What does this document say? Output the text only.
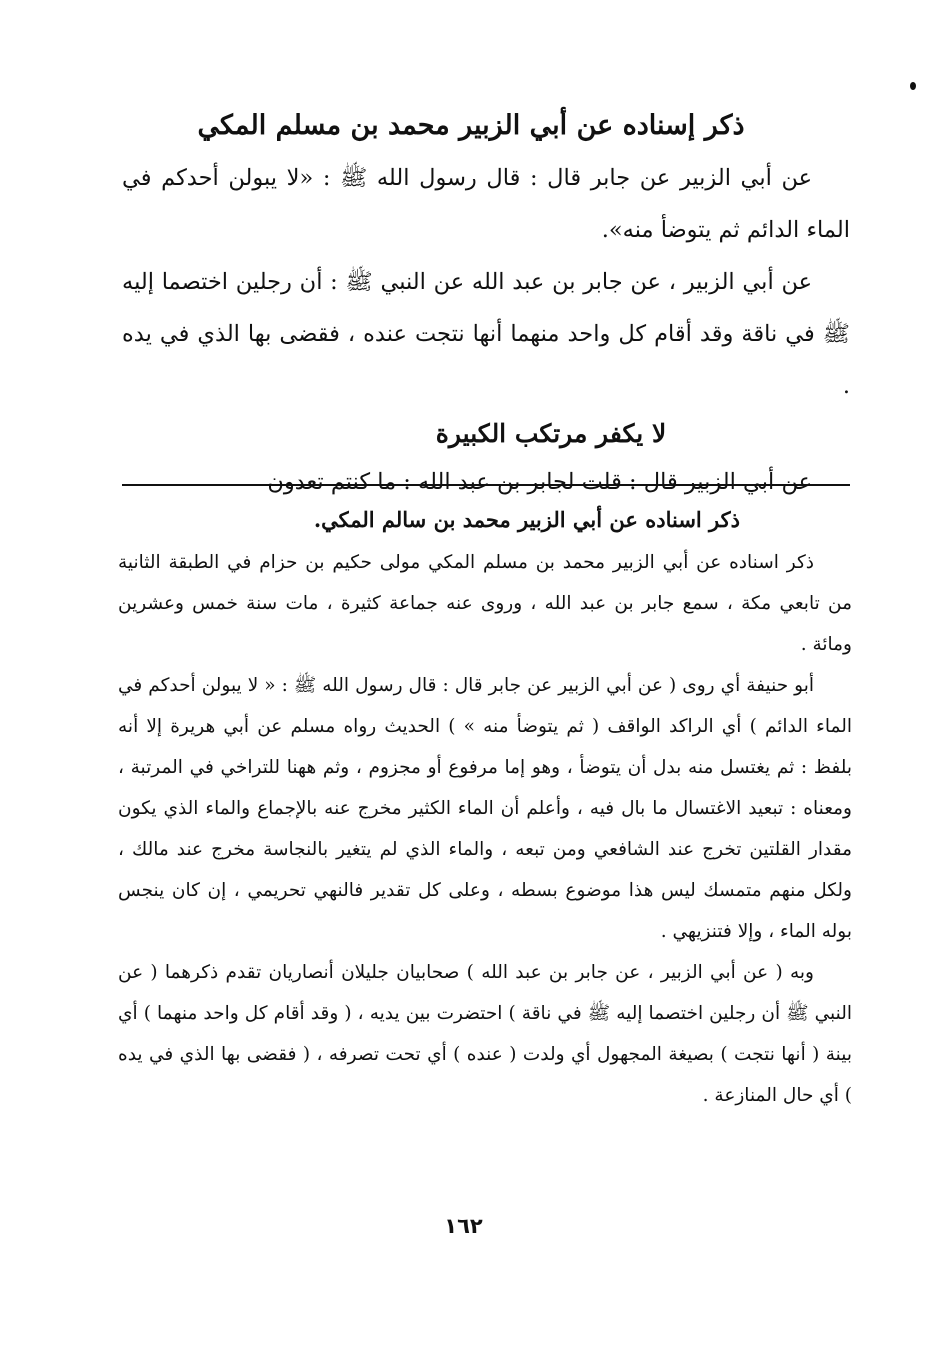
ذكر إسناده عن أبي الزبير محمد بن مسلم المكي

عن أبي الزبير عن جابر قال : قال رسول الله ﷺ : «لا يبولن أحدكم في الماء الدائم ثم يتوضأ منه».

عن أبي الزبير ، عن جابر بن عبد الله عن النبي ﷺ : أن رجلين اختصما إليه ﷺ في ناقة وقد أقام كل واحد منهما أنها نتجت عنده ، فقضى بها الذي في يده .

لا يكفر مرتكب الكبيرة

عن أبي الزبير قال : قلت لجابر بن عبد الله : ما كنتم تعدون

ذكر اسناده عن أبي الزبير محمد بن سالم المكي.

ذكر اسناده عن أبي الزبير محمد بن مسلم المكي مولى حكيم بن حزام في الطبقة الثانية من تابعي مكة ، سمع جابر بن عبد الله ، وروى عنه جماعة كثيرة ، مات سنة خمس وعشرين ومائة .

أبو حنيفة أي روى ( عن أبي الزبير عن جابر قال : قال رسول الله ﷺ : « لا يبولن أحدكم في الماء الدائم ) أي الراكد الواقف ( ثم يتوضأ منه » ) الحديث رواه مسلم عن أبي هريرة إلا أنه بلفظ : ثم يغتسل منه بدل أن يتوضأ ، وهو إما مرفوع أو مجزوم ، وثم ههنا للتراخي في المرتبة ، ومعناه : تبعيد الاغتسال ما بال فيه ، وأعلم أن الماء الكثير مخرج عنه بالإجماع والماء الذي يكون مقدار القلتين تخرج عند الشافعي ومن تبعه ، والماء الذي لم يتغير بالنجاسة مخرج عند مالك ، ولكل منهم متمسك ليس هذا موضوع بسطه ، وعلى كل تقدير فالنهي تحريمي ، إن كان ينجس بوله الماء ، وإلا فتنزيهي .

وبه ( عن أبي الزبير ، عن جابر بن عبد الله ) صحابيان جليلان أنصاريان تقدم ذكرهما ( عن النبي ﷺ أن رجلين اختصما إليه ﷺ في ناقة ) احتضرت بين يديه ، ( وقد أقام كل واحد منهما ) أي بينة ( أنها نتجت ) بصيغة المجهول أي ولدت ( عنده ) أي تحت تصرفه ، ( فقضى بها الذي في يده ) أي حال المنازعة .

١٦٢
